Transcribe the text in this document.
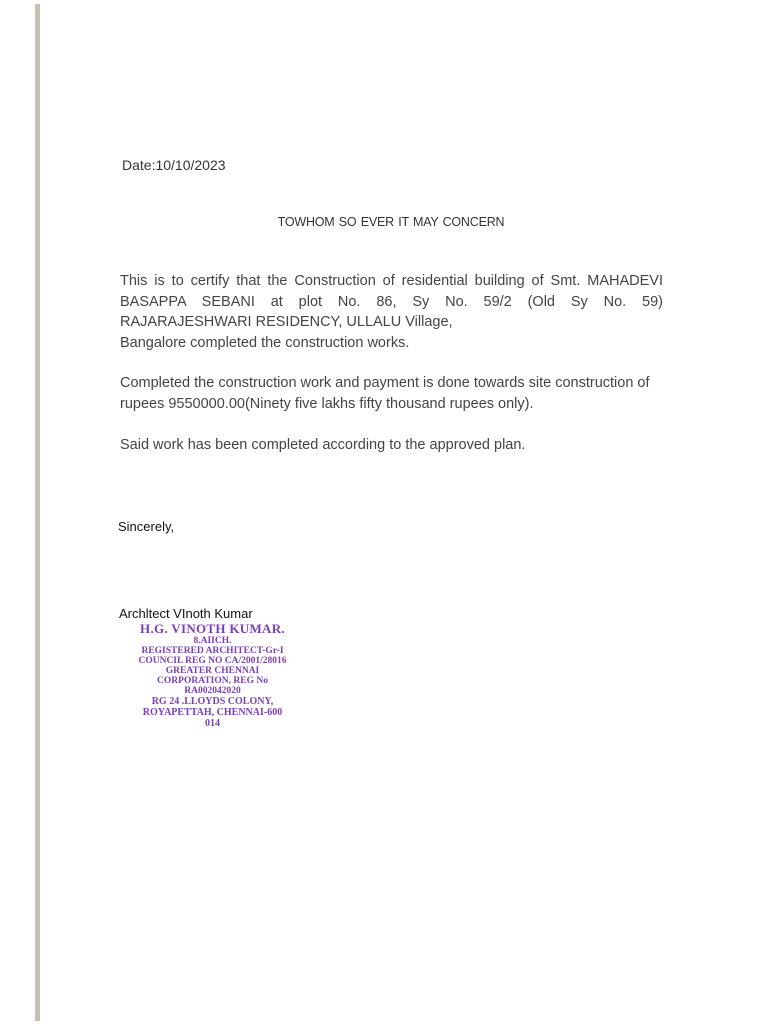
Date:10/10/2023

TOWHOM SO EVER IT MAY CONCERN

This is to certify that the Construction of residential building of Smt. MAHADEVI
BASAPPA SEBANI at plot No. 86, Sy No. 59/2 (Old Sy No. 59)
RAJARAJESHWARI RESIDENCY, ULLALU Village,
Bangalore completed the construction works.

Completed the construction work and payment is done towards site construction of rupees 9550000.00(Ninety five lakhs fifty thousand rupees only).

Said work has been completed according to the approved plan.

Sincerely,

Archltect VInoth Kumar

H.G. VINOTH KUMAR.
8.AIICH.
REGISTERED ARCHITECT-Gr-I
COUNCIL REG NO CA/2001/28016
GREATER CHENNAI
CORPORATION, REG No
RA002042020
RG 24 .LLOYDS COLONY,
ROYAPETTAH, CHENNAI-600
014
